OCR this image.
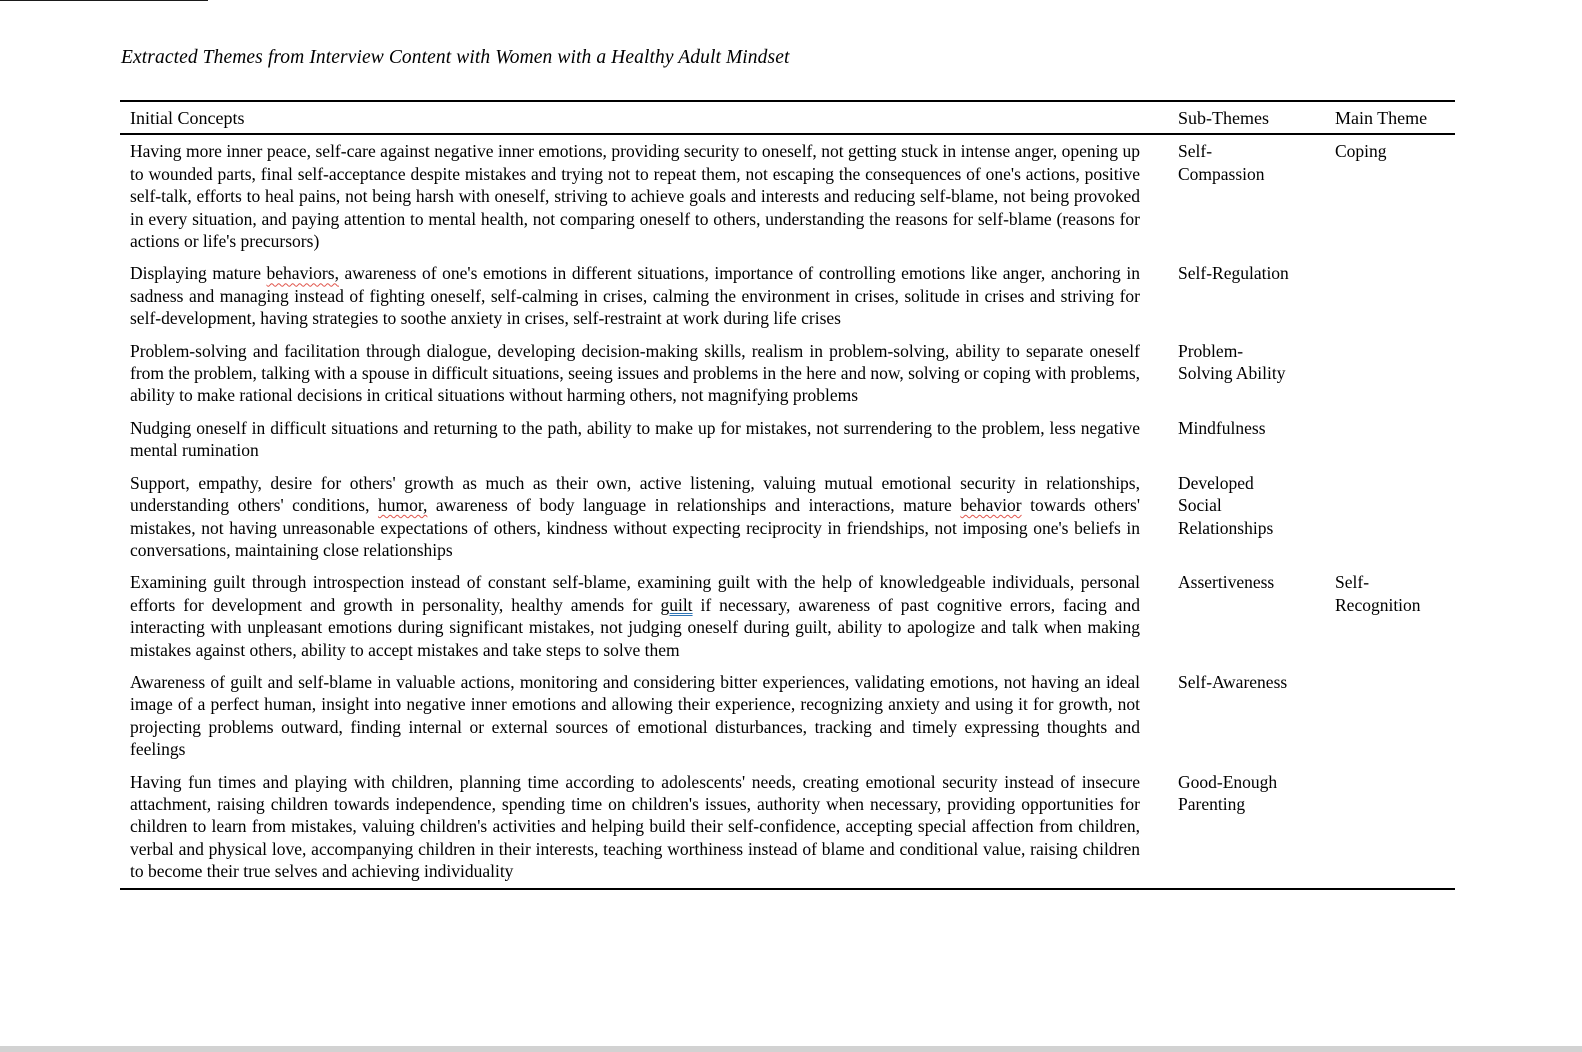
Extracted Themes from Interview Content with Women with a Healthy Adult Mindset
Initial Concepts	Sub-Themes	Main Theme
Having more inner peace, self-care against negative inner emotions, providing security to oneself, not getting stuck in intense anger, opening up to wounded parts, final self-acceptance despite mistakes and trying not to repeat them, not escaping the consequences of one's actions, positive self-talk, efforts to heal pains, not being harsh with oneself, striving to achieve goals and interests and reducing self-blame, not being provoked in every situation, and paying attention to mental health, not comparing oneself to others, understanding the reasons for self-blame (reasons for actions or life's precursors)	Self-Compassion	Coping
Displaying mature behaviors, awareness of one's emotions in different situations, importance of controlling emotions like anger, anchoring in sadness and managing instead of fighting oneself, self-calming in crises, calming the environment in crises, solitude in crises and striving for self-development, having strategies to soothe anxiety in crises, self-restraint at work during life crises	Self-Regulation	
Problem-solving and facilitation through dialogue, developing decision-making skills, realism in problem-solving, ability to separate oneself from the problem, talking with a spouse in difficult situations, seeing issues and problems in the here and now, solving or coping with problems, ability to make rational decisions in critical situations without harming others, not magnifying problems	Problem-Solving Ability	
Nudging oneself in difficult situations and returning to the path, ability to make up for mistakes, not surrendering to the problem, less negative mental rumination	Mindfulness	
Support, empathy, desire for others' growth as much as their own, active listening, valuing mutual emotional security in relationships, understanding others' conditions, humor, awareness of body language in relationships and interactions, mature behavior towards others' mistakes, not having unreasonable expectations of others, kindness without expecting reciprocity in friendships, not imposing one's beliefs in conversations, maintaining close relationships	Developed Social Relationships	
Examining guilt through introspection instead of constant self-blame, examining guilt with the help of knowledgeable individuals, personal efforts for development and growth in personality, healthy amends for guilt if necessary, awareness of past cognitive errors, facing and interacting with unpleasant emotions during significant mistakes, not judging oneself during guilt, ability to apologize and talk when making mistakes against others, ability to accept mistakes and take steps to solve them	Assertiveness	Self-Recognition
Awareness of guilt and self-blame in valuable actions, monitoring and considering bitter experiences, validating emotions, not having an ideal image of a perfect human, insight into negative inner emotions and allowing their experience, recognizing anxiety and using it for growth, not projecting problems outward, finding internal or external sources of emotional disturbances, tracking and timely expressing thoughts and feelings	Self-Awareness	
Having fun times and playing with children, planning time according to adolescents' needs, creating emotional security instead of insecure attachment, raising children towards independence, spending time on children's issues, authority when necessary, providing opportunities for children to learn from mistakes, valuing children's activities and helping build their self-confidence, accepting special affection from children, verbal and physical love, accompanying children in their interests, teaching worthiness instead of blame and conditional value, raising children to become their true selves and achieving individuality	Good-Enough Parenting	
